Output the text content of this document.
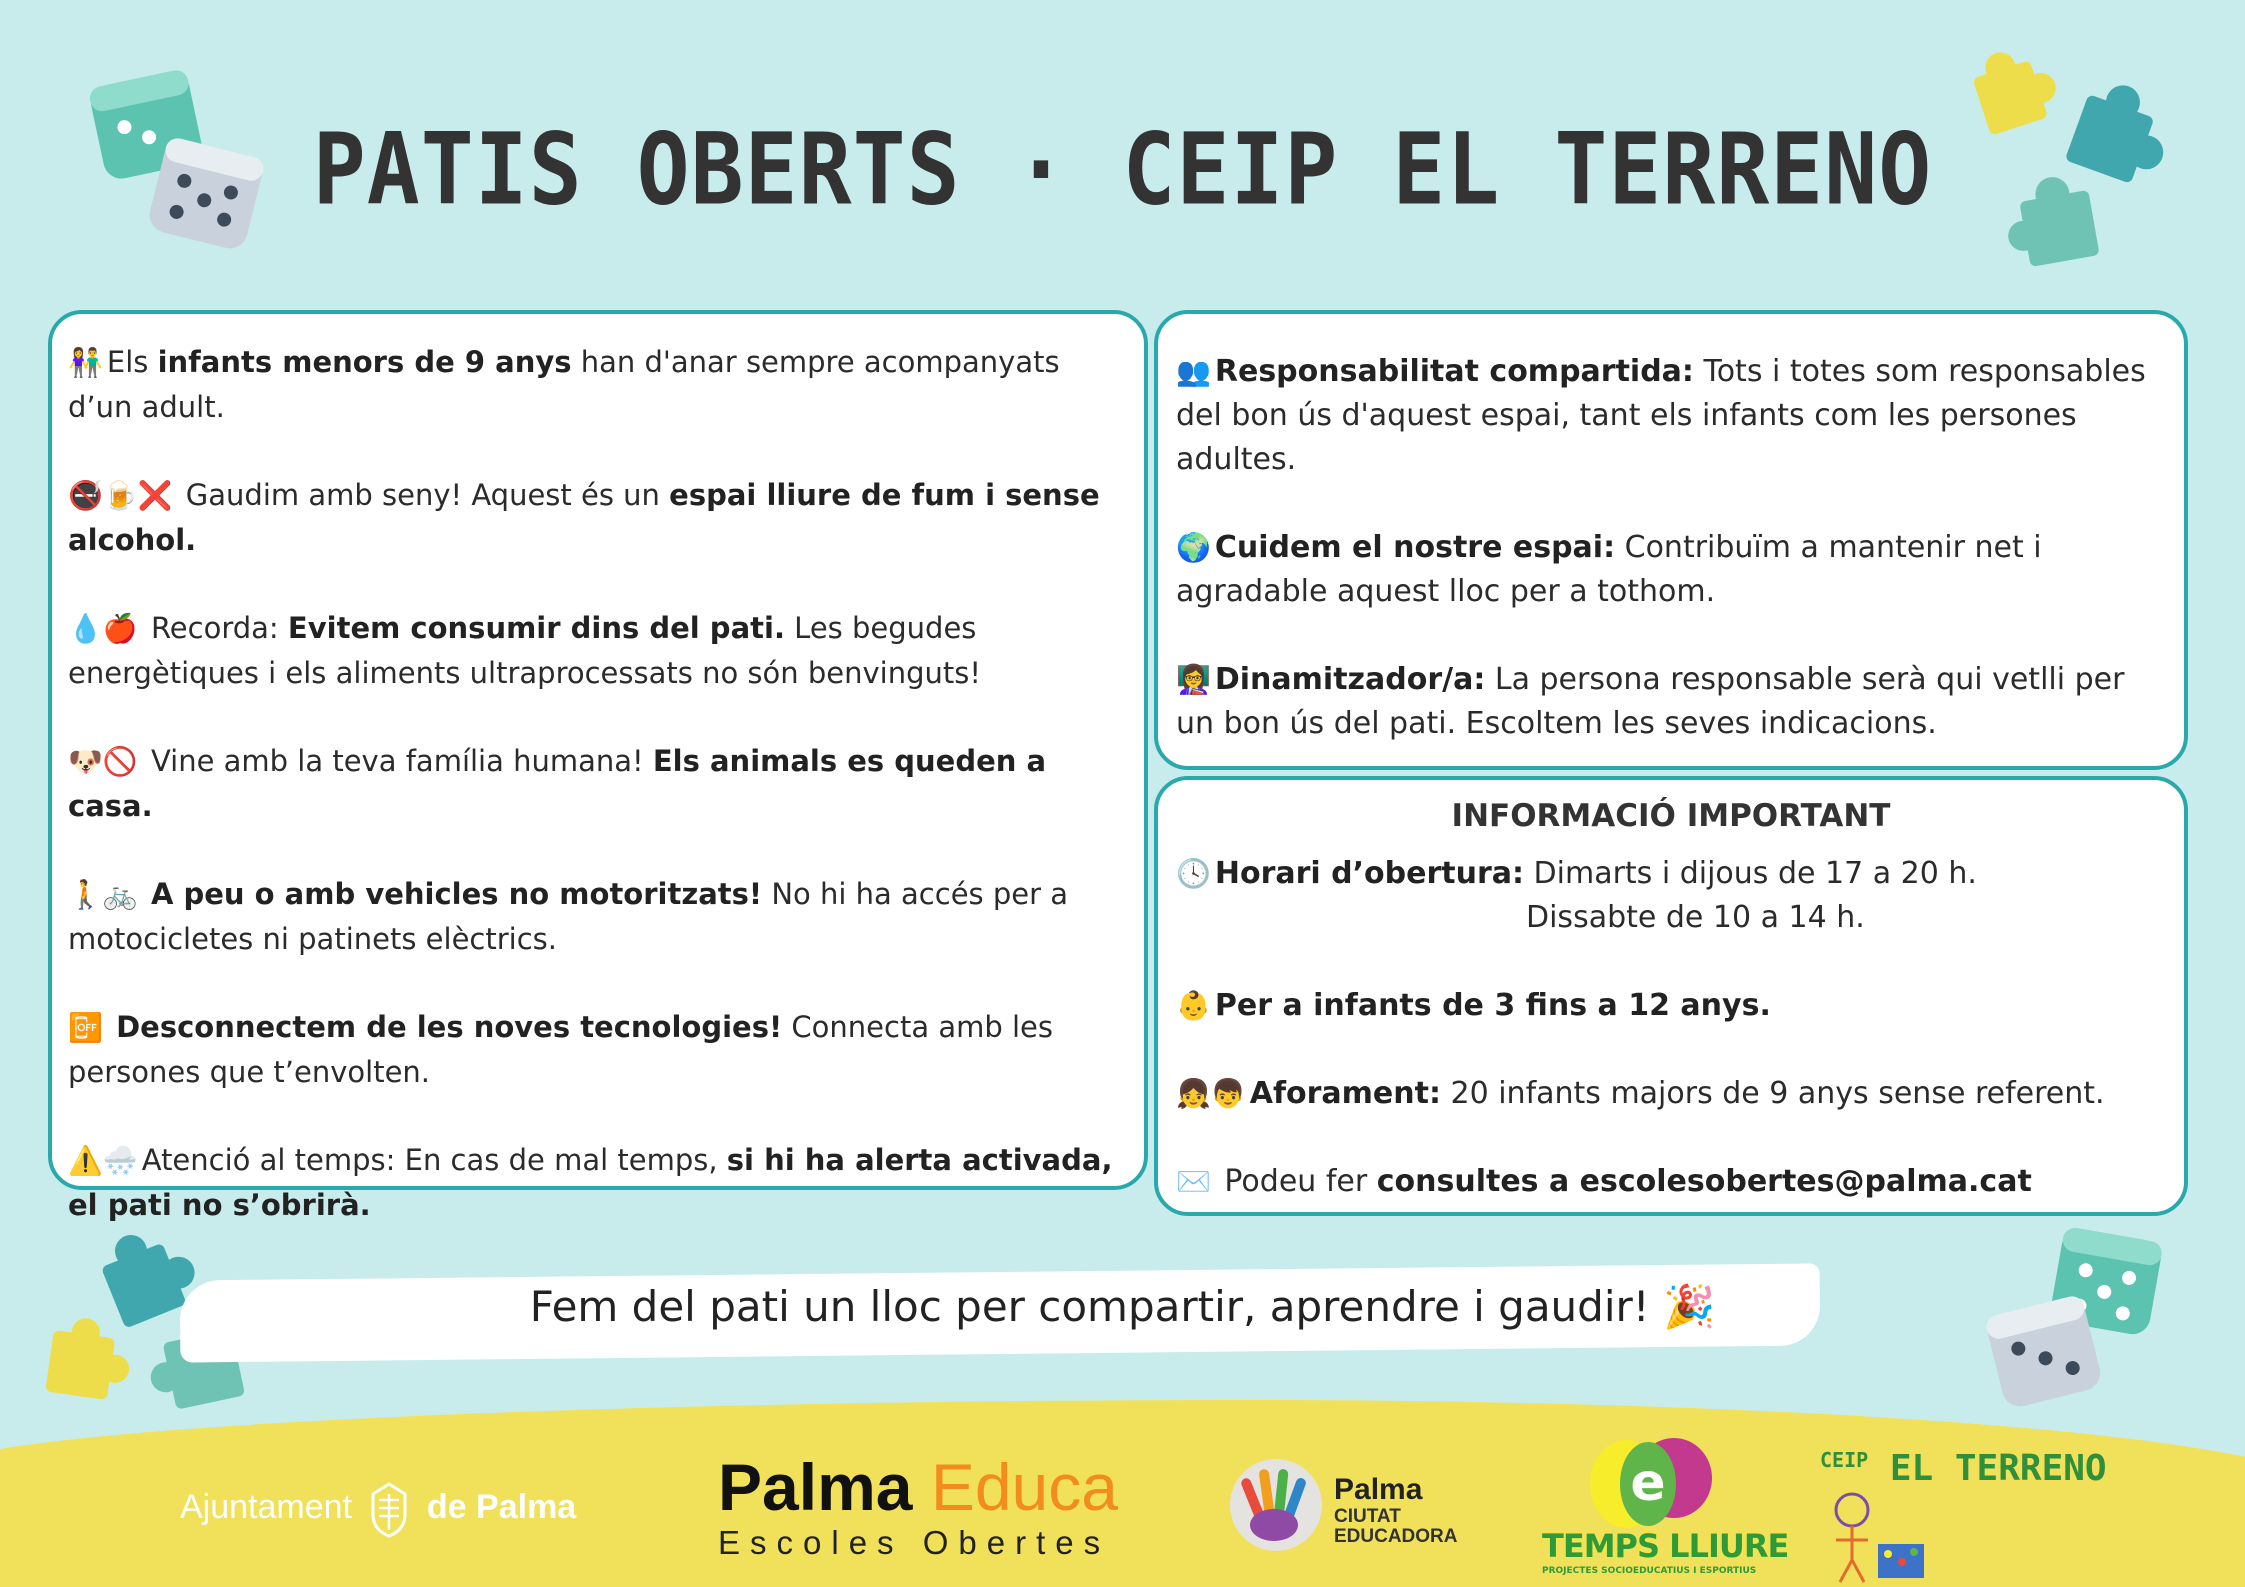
PATIS OBERTS · CEIP EL TERRENO
👫 Els infants menors de 9 anys han d'anar sempre acompanyats d’un adult.
🚭🍺❌ Gaudim amb seny! Aquest és un espai lliure de fum i sense alcohol.
💧🍎 Recorda: Evitem consumir dins del pati. Les begudes energètiques i els aliments ultraprocessats no són benvinguts!
🐶🚫 Vine amb la teva família humana! Els animals es queden a casa.
🚶🚲 A peu o amb vehicles no motoritzats! No hi ha accés per a motocicletes ni patinets elèctrics.
📴 Desconnectem de les noves tecnologies! Connecta amb les persones que t’envolten.
⚠️🌨️ Atenció al temps: En cas de mal temps, si hi ha alerta activada, el pati no s’obrirà.
👥 Responsabilitat compartida: Tots i totes som responsables del bon ús d'aquest espai, tant els infants com les persones adultes.
🌍 Cuidem el nostre espai: Contribuïm a mantenir net i agradable aquest lloc per a tothom.
👩‍🏫 Dinamitzador/a: La persona responsable serà qui vetlli per un bon ús del pati. Escoltem les seves indicacions.
INFORMACIÓ IMPORTANT
🕓 Horari d’obertura: Dimarts i dijous de 17 a 20 h.
Dissabte de 10 a 14 h.
👶 Per a infants de 3 fins a 12 anys.
👧👦 Aforament: 20 infants majors de 9 anys sense referent.
✉️ Podeu fer consultes a escolesobertes@palma.cat
Fem del pati un lloc per compartir, aprendre i gaudir! 🎉
Ajuntament de Palma Palma Educa
Escoles Obertes
Palma
CIUTAT
EDUCADORA
e
TEMPS LLIURE
PROJECTES SOCIOEDUCATIUS I ESPORTIUS
$^{CEIP}$ EL TERRENO
